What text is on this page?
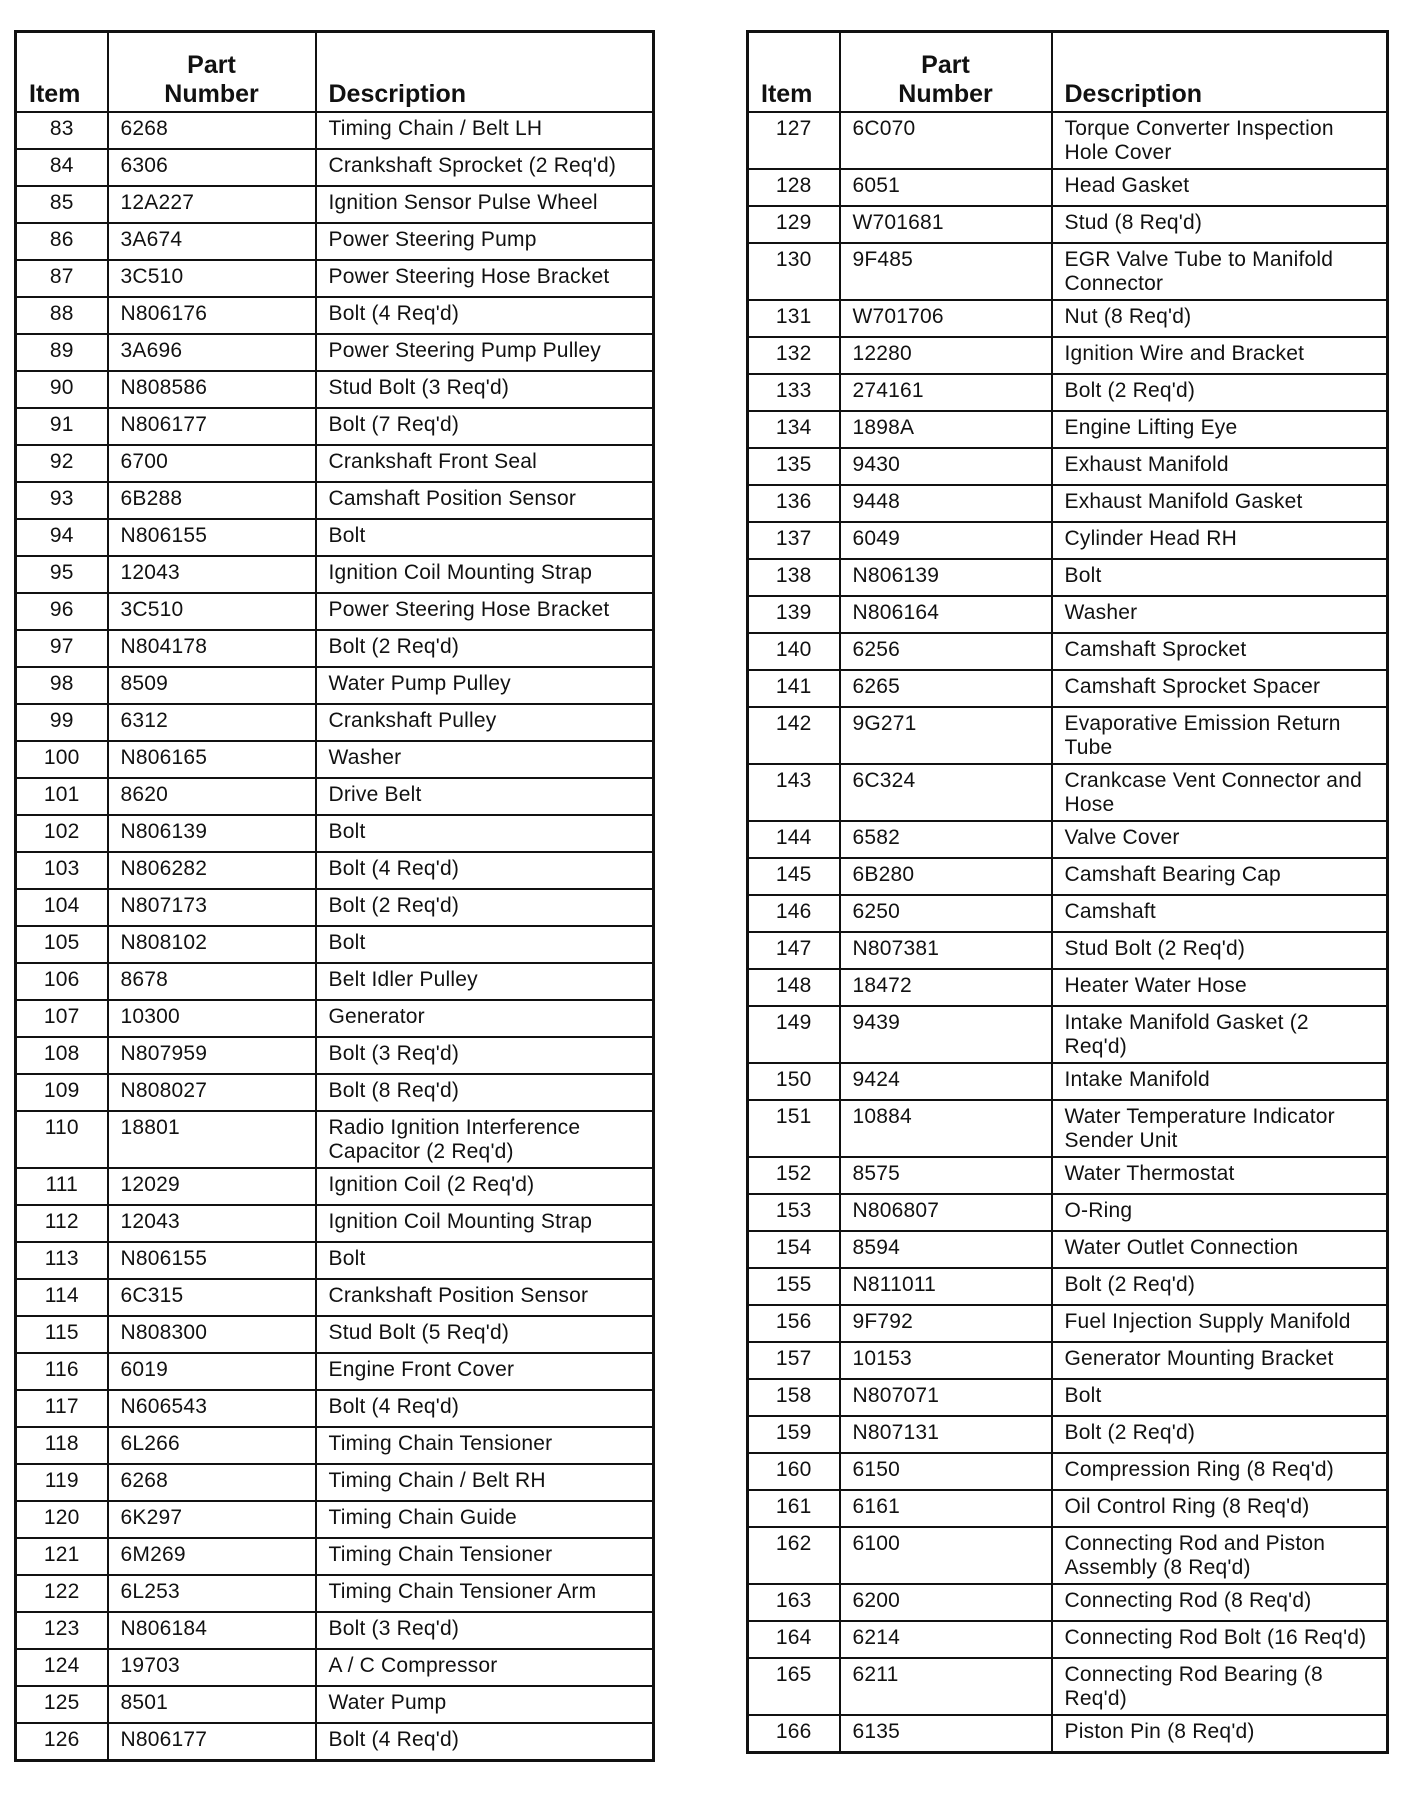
Item	Part
Number	Description
83	6268	Timing Chain / Belt LH
84	6306	Crankshaft Sprocket (2 Req'd)
85	12A227	Ignition Sensor Pulse Wheel
86	3A674	Power Steering Pump
87	3C510	Power Steering Hose Bracket
88	N806176	Bolt (4 Req'd)
89	3A696	Power Steering Pump Pulley
90	N808586	Stud Bolt (3 Req'd)
91	N806177	Bolt (7 Req'd)
92	6700	Crankshaft Front Seal
93	6B288	Camshaft Position Sensor
94	N806155	Bolt
95	12043	Ignition Coil Mounting Strap
96	3C510	Power Steering Hose Bracket
97	N804178	Bolt (2 Req'd)
98	8509	Water Pump Pulley
99	6312	Crankshaft Pulley
100	N806165	Washer
101	8620	Drive Belt
102	N806139	Bolt
103	N806282	Bolt (4 Req'd)
104	N807173	Bolt (2 Req'd)
105	N808102	Bolt
106	8678	Belt Idler Pulley
107	10300	Generator
108	N807959	Bolt (3 Req'd)
109	N808027	Bolt (8 Req'd)
110	18801	Radio Ignition Interference Capacitor (2 Req'd)
111	12029	Ignition Coil (2 Req'd)
112	12043	Ignition Coil Mounting Strap
113	N806155	Bolt
114	6C315	Crankshaft Position Sensor
115	N808300	Stud Bolt (5 Req'd)
116	6019	Engine Front Cover
117	N606543	Bolt (4 Req'd)
118	6L266	Timing Chain Tensioner
119	6268	Timing Chain / Belt RH
120	6K297	Timing Chain Guide
121	6M269	Timing Chain Tensioner
122	6L253	Timing Chain Tensioner Arm
123	N806184	Bolt (3 Req'd)
124	19703	A / C Compressor
125	8501	Water Pump
126	N806177	Bolt (4 Req'd)
Item	Part
Number	Description
127	6C070	Torque Converter Inspection Hole Cover
128	6051	Head Gasket
129	W701681	Stud (8 Req'd)
130	9F485	EGR Valve Tube to Manifold Connector
131	W701706	Nut (8 Req'd)
132	12280	Ignition Wire and Bracket
133	274161	Bolt (2 Req'd)
134	1898A	Engine Lifting Eye
135	9430	Exhaust Manifold
136	9448	Exhaust Manifold Gasket
137	6049	Cylinder Head RH
138	N806139	Bolt
139	N806164	Washer
140	6256	Camshaft Sprocket
141	6265	Camshaft Sprocket Spacer
142	9G271	Evaporative Emission Return Tube
143	6C324	Crankcase Vent Connector and Hose
144	6582	Valve Cover
145	6B280	Camshaft Bearing Cap
146	6250	Camshaft
147	N807381	Stud Bolt (2 Req'd)
148	18472	Heater Water Hose
149	9439	Intake Manifold Gasket (2 Req'd)
150	9424	Intake Manifold
151	10884	Water Temperature Indicator Sender Unit
152	8575	Water Thermostat
153	N806807	O-Ring
154	8594	Water Outlet Connection
155	N811011	Bolt (2 Req'd)
156	9F792	Fuel Injection Supply Manifold
157	10153	Generator Mounting Bracket
158	N807071	Bolt
159	N807131	Bolt (2 Req'd)
160	6150	Compression Ring (8 Req'd)
161	6161	Oil Control Ring (8 Req'd)
162	6100	Connecting Rod and Piston Assembly (8 Req'd)
163	6200	Connecting Rod (8 Req'd)
164	6214	Connecting Rod Bolt (16 Req'd)
165	6211	Connecting Rod Bearing (8 Req'd)
166	6135	Piston Pin (8 Req'd)
